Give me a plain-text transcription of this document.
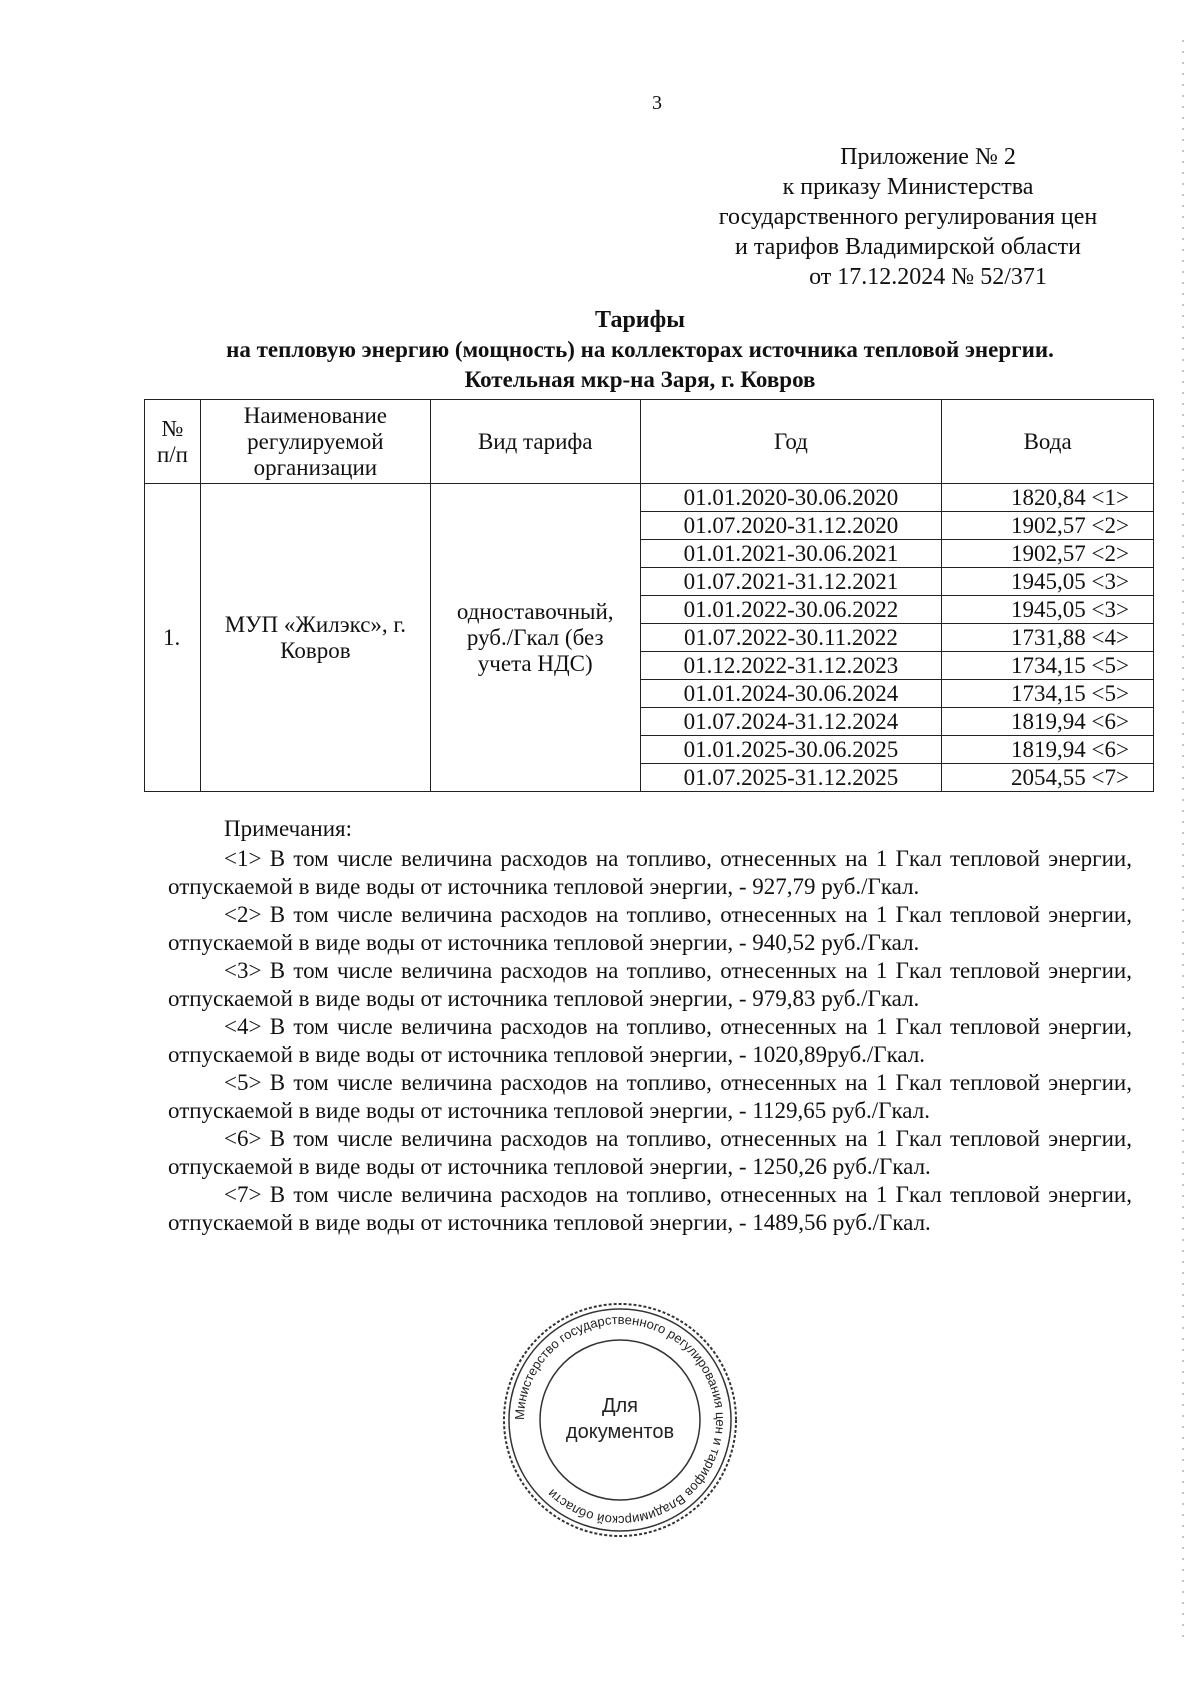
3
Приложение № 2
к приказу Министерства
государственного регулирования цен
и тарифов Владимирской области
от 17.12.2024 № 52/371
Тарифы
на тепловую энергию (мощность) на коллекторах источника тепловой энергии.
Котельная мкр-на Заря, г. Ковров
№ п/п	Наименование регулируемой организации	Вид тарифа	Год	Вода
1.	МУП «Жилэкс», г. Ковров	одноставочный, руб./Гкал (без учета НДС)	01.01.2020-30.06.2020	1820,84 <1>
			01.07.2020-31.12.2020	1902,57 <2>
			01.01.2021-30.06.2021	1902,57 <2>
			01.07.2021-31.12.2021	1945,05 <3>
			01.01.2022-30.06.2022	1945,05 <3>
			01.07.2022-30.11.2022	1731,88 <4>
			01.12.2022-31.12.2023	1734,15 <5>
			01.01.2024-30.06.2024	1734,15 <5>
			01.07.2024-31.12.2024	1819,94 <6>
			01.01.2025-30.06.2025	1819,94 <6>
			01.07.2025-31.12.2025	2054,55 <7>
Примечания:

<1> В том числе величина расходов на топливо, отнесенных на 1 Гкал тепловой энергии, отпускаемой в виде воды от источника тепловой энергии, - 927,79 руб./Гкал.

<2> В том числе величина расходов на топливо, отнесенных на 1 Гкал тепловой энергии, отпускаемой в виде воды от источника тепловой энергии, - 940,52 руб./Гкал.

<3> В том числе величина расходов на топливо, отнесенных на 1 Гкал тепловой энергии, отпускаемой в виде воды от источника тепловой энергии, - 979,83 руб./Гкал.

<4> В том числе величина расходов на топливо, отнесенных на 1 Гкал тепловой энергии, отпускаемой в виде воды от источника тепловой энергии, - 1020,89руб./Гкал.

<5> В том числе величина расходов на топливо, отнесенных на 1 Гкал тепловой энергии, отпускаемой в виде воды от источника тепловой энергии, - 1129,65 руб./Гкал.

<6> В том числе величина расходов на топливо, отнесенных на 1 Гкал тепловой энергии, отпускаемой в виде воды от источника тепловой энергии, - 1250,26 руб./Гкал.

<7> В том числе величина расходов на топливо, отнесенных на 1 Гкал тепловой энергии, отпускаемой в виде воды от источника тепловой энергии, - 1489,56 руб./Гкал.

Министерство государственного регулирования цен и тарифов Владимирской области
Для
документов
